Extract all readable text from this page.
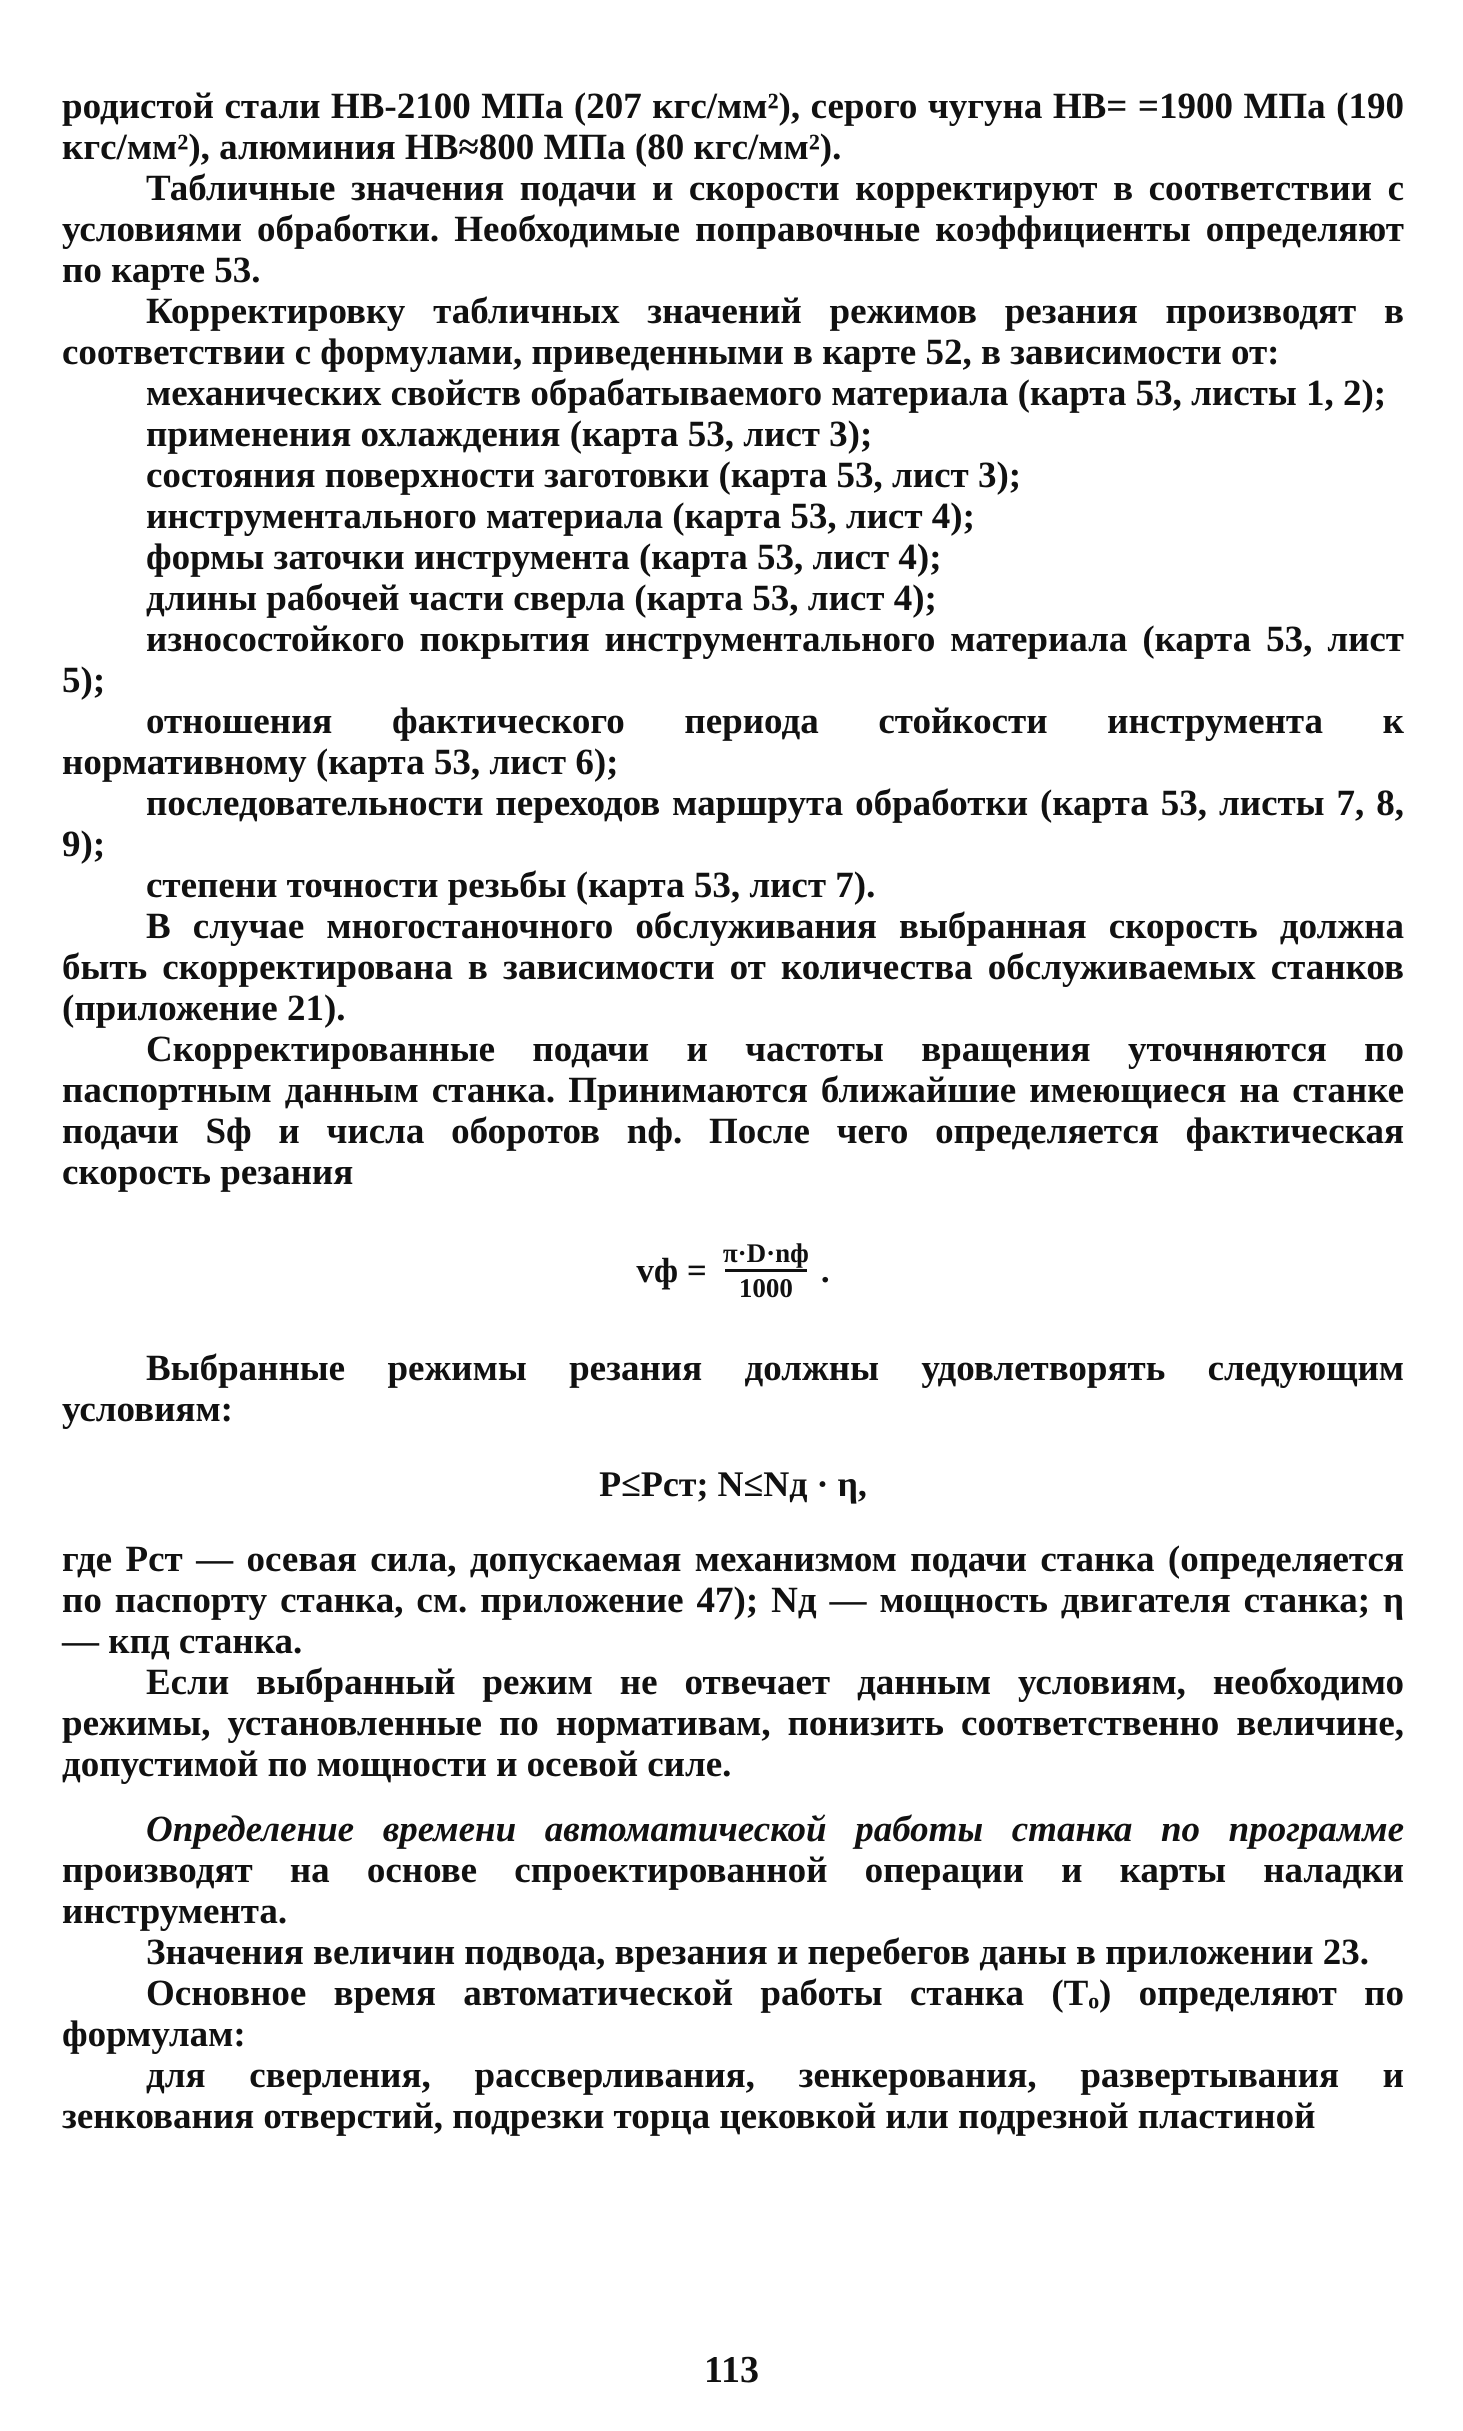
родистой стали НВ-2100 МПа (207 кгс/мм²), серого чугуна НВ= =1900 МПа (190 кгс/мм²), алюминия НВ≈800 МПа (80 кгс/мм²).

Табличные значения подачи и скорости корректируют в соответствии с условиями обработки. Необходимые поправочные коэффициенты определяют по карте 53.

Корректировку табличных значений режимов резания производят в соответствии с формулами, приведенными в карте 52, в зависимости от:

механических свойств обрабатываемого материала (карта 53, листы 1, 2);

применения охлаждения (карта 53, лист 3);

состояния поверхности заготовки (карта 53, лист 3);

инструментального материала (карта 53, лист 4);

формы заточки инструмента (карта 53, лист 4);

длины рабочей части сверла (карта 53, лист 4);

износостойкого покрытия инструментального материала (карта 53, лист 5);

отношения фактического периода стойкости инструмента к нормативному (карта 53, лист 6);

последовательности переходов маршрута обработки (карта 53, листы 7, 8, 9);

степени точности резьбы (карта 53, лист 7).

В случае многостаночного обслуживания выбранная скорость должна быть скорректирована в зависимости от количества обслуживаемых станков (приложение 21).

Скорректированные подачи и частоты вращения уточняются по паспортным данным станка. Принимаются ближайшие имеющиеся на станке подачи Sф и числа оборотов nф. После чего определяется фактическая скорость резания

vф = $\frac{\pi\cdot D\cdot nф}{1000}$ .

Выбранные режимы резания должны удовлетворять следующим условиям:

P≤Pст; N≤Nд · η,

где Pст — осевая сила, допускаемая механизмом подачи станка (определяется по паспорту станка, см. приложение 47); Nд — мощность двигателя станка; η — кпд станка.

Если выбранный режим не отвечает данным условиям, необходимо режимы, установленные по нормативам, понизить соответственно величине, допустимой по мощности и осевой силе.

Определение времени автоматической работы станка по программе производят на основе спроектированной операции и карты наладки инструмента.

Значения величин подвода, врезания и перебегов даны в приложении 23.

Основное время автоматической работы станка (Tₒ) определяют по формулам:

для сверления, рассверливания, зенкерования, развертывания и зенкования отверстий, подрезки торца цековкой или подрезной пластиной

113
